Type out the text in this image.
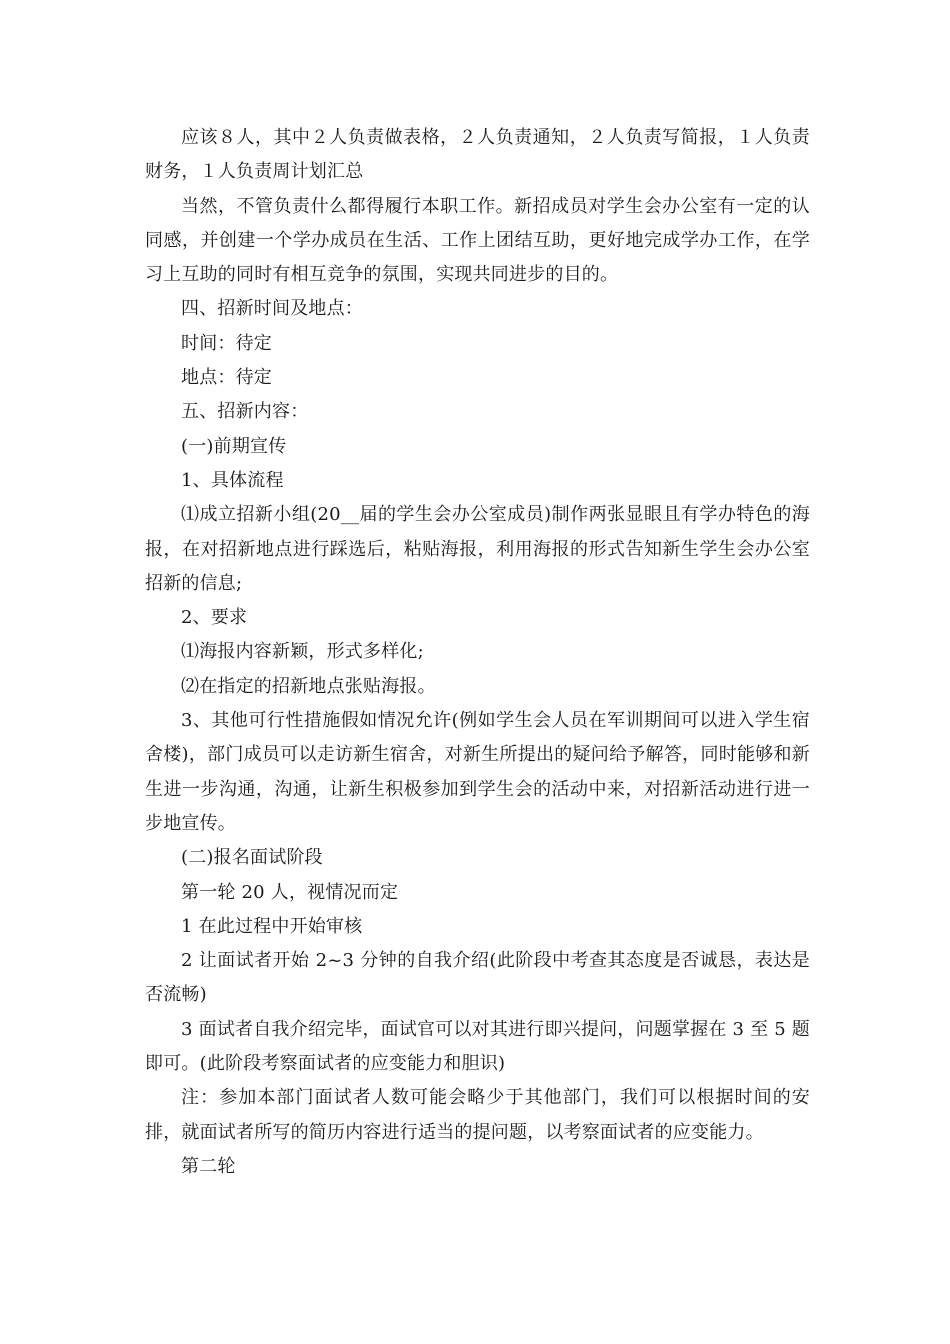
应该８人，其中２人负责做表格，２人负责通知，２人负责写简报，１人负责财务，１人负责周计划汇总

当然，不管负责什么都得履行本职工作。新招成员对学生会办公室有一定的认同感，并创建一个学办成员在生活、工作上团结互助，更好地完成学办工作，在学习上互助的同时有相互竞争的氛围，实现共同进步的目的。

四、招新时间及地点：

时间：待定

地点：待定

五、招新内容：

(一)前期宣传

1、具体流程

⑴成立招新小组(20__届的学生会办公室成员)制作两张显眼且有学办特色的海报，在对招新地点进行踩选后，粘贴海报，利用海报的形式告知新生学生会办公室招新的信息;

2、要求

⑴海报内容新颖，形式多样化;

⑵在指定的招新地点张贴海报。

3、其他可行性措施假如情况允许(例如学生会人员在军训期间可以进入学生宿舍楼)，部门成员可以走访新生宿舍，对新生所提出的疑问给予解答，同时能够和新生进一步沟通，沟通，让新生积极参加到学生会的活动中来，对招新活动进行进一步地宣传。

(二)报名面试阶段

第一轮 20 人，视情况而定

1 在此过程中开始审核

2 让面试者开始 2~3 分钟的自我介绍(此阶段中考查其态度是否诚恳，表达是否流畅)

3 面试者自我介绍完毕，面试官可以对其进行即兴提问，问题掌握在 3 至 5 题即可。(此阶段考察面试者的应变能力和胆识)

注：参加本部门面试者人数可能会略少于其他部门，我们可以根据时间的安排，就面试者所写的简历内容进行适当的提问题，以考察面试者的应变能力。

第二轮
